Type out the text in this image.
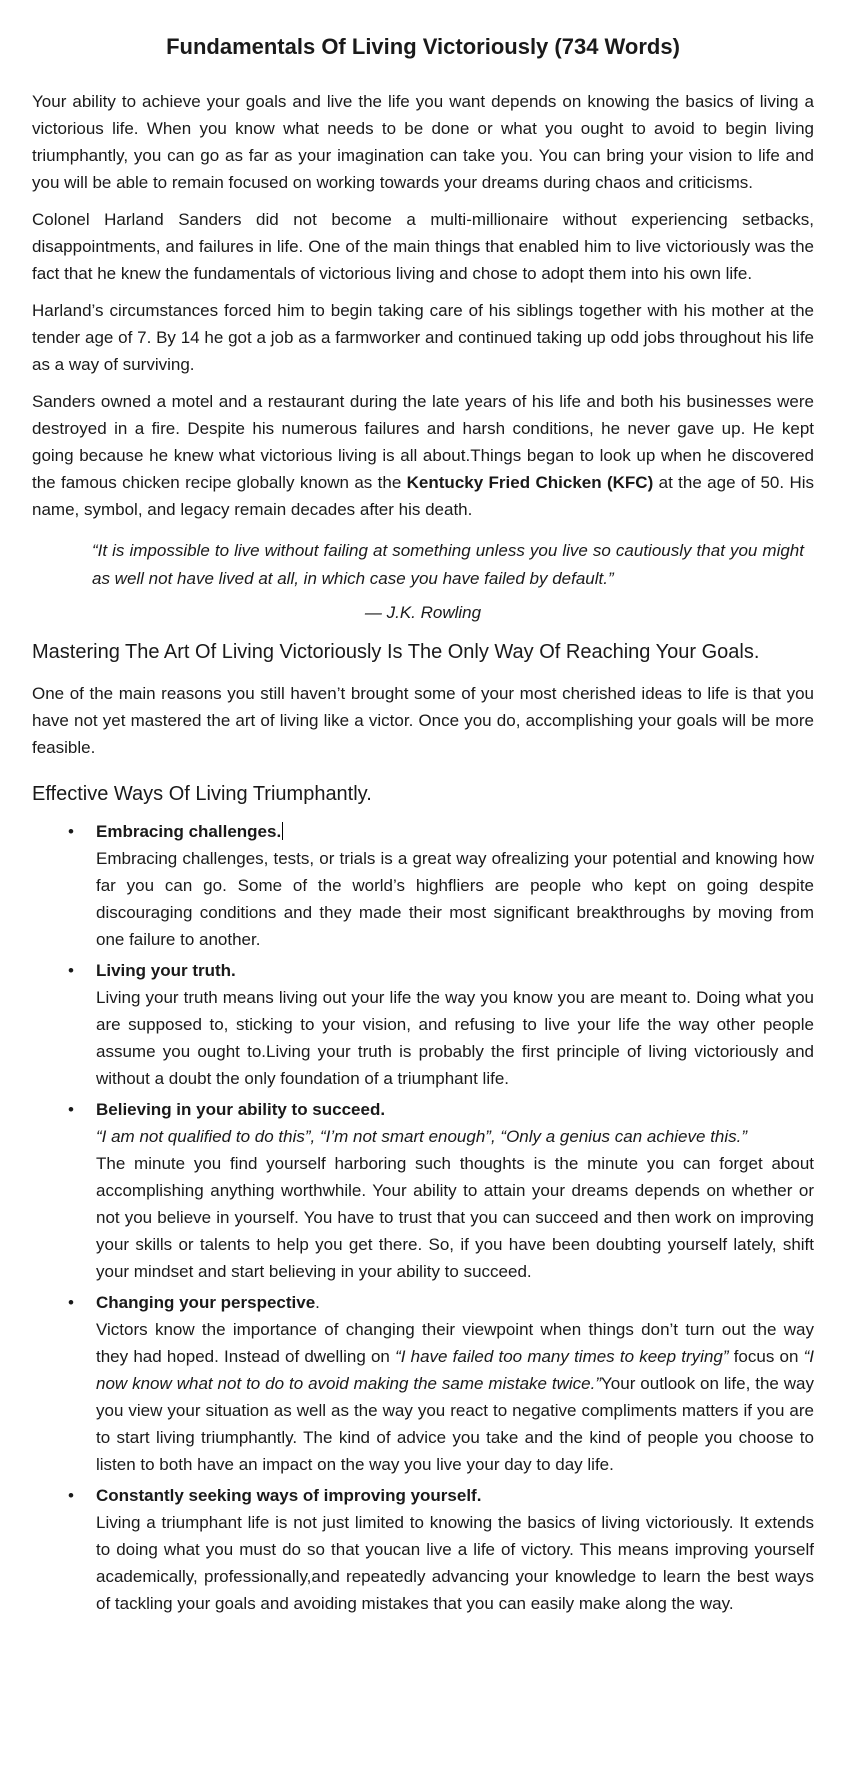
Fundamentals Of Living Victoriously (734 Words)

Your ability to achieve your goals and live the life you want depends on knowing the basics of living a victorious life. When you know what needs to be done or what you ought to avoid to begin living triumphantly, you can go as far as your imagination can take you. You can bring your vision to life and you will be able to remain focused on working towards your dreams during chaos and criticisms.

Colonel Harland Sanders did not become a multi-millionaire without experiencing setbacks, disappointments, and failures in life. One of the main things that enabled him to live victoriously was the fact that he knew the fundamentals of victorious living and chose to adopt them into his own life.

Harland’s circumstances forced him to begin taking care of his siblings together with his mother at the tender age of 7. By 14 he got a job as a farmworker and continued taking up odd jobs throughout his life as a way of surviving.

Sanders owned a motel and a restaurant during the late years of his life and both his businesses were destroyed in a fire. Despite his numerous failures and harsh conditions, he never gave up. He kept going because he knew what victorious living is all about.Things began to look up when he discovered the famous chicken recipe globally known as the Kentucky Fried Chicken (KFC) at the age of 50. His name, symbol, and legacy remain decades after his death.

“It is impossible to live without failing at something unless you live so cautiously that you might as well not have lived at all, in which case you have failed by default.”
— J.K. Rowling
Mastering The Art Of Living Victoriously Is The Only Way Of Reaching Your Goals.

One of the main reasons you still haven’t brought some of your most cherished ideas to life is that you have not yet mastered the art of living like a victor. Once you do, accomplishing your goals will be more feasible.

Effective Ways Of Living Triumphantly.
• Embracing challenges.
Embracing challenges, tests, or trials is a great way ofrealizing your potential and knowing how far you can go. Some of the world’s highfliers are people who kept on going despite discouraging conditions and they made their most significant breakthroughs by moving from one failure to another.
• Living your truth.
Living your truth means living out your life the way you know you are meant to. Doing what you are supposed to, sticking to your vision, and refusing to live your life the way other people assume you ought to.Living your truth is probably the first principle of living victoriously and without a doubt the only foundation of a triumphant life.
• Believing in your ability to succeed.
“I am not qualified to do this”, “I’m not smart enough”, “Only a genius can achieve this.”
The minute you find yourself harboring such thoughts is the minute you can forget about accomplishing anything worthwhile. Your ability to attain your dreams depends on whether or not you believe in yourself. You have to trust that you can succeed and then work on improving your skills or talents to help you get there. So, if you have been doubting yourself lately, shift your mindset and start believing in your ability to succeed.
• Changing your perspective.
Victors know the importance of changing their viewpoint when things don’t turn out the way they had hoped. Instead of dwelling on “I have failed too many times to keep trying” focus on “I now know what not to do to avoid making the same mistake twice.”Your outlook on life, the way you view your situation as well as the way you react to negative compliments matters if you are to start living triumphantly. The kind of advice you take and the kind of people you choose to listen to both have an impact on the way you live your day to day life.
• Constantly seeking ways of improving yourself.
Living a triumphant life is not just limited to knowing the basics of living victoriously. It extends to doing what you must do so that youcan live a life of victory. This means improving yourself academically, professionally,and repeatedly advancing your knowledge to learn the best ways of tackling your goals and avoiding mistakes that you can easily make along the way.
